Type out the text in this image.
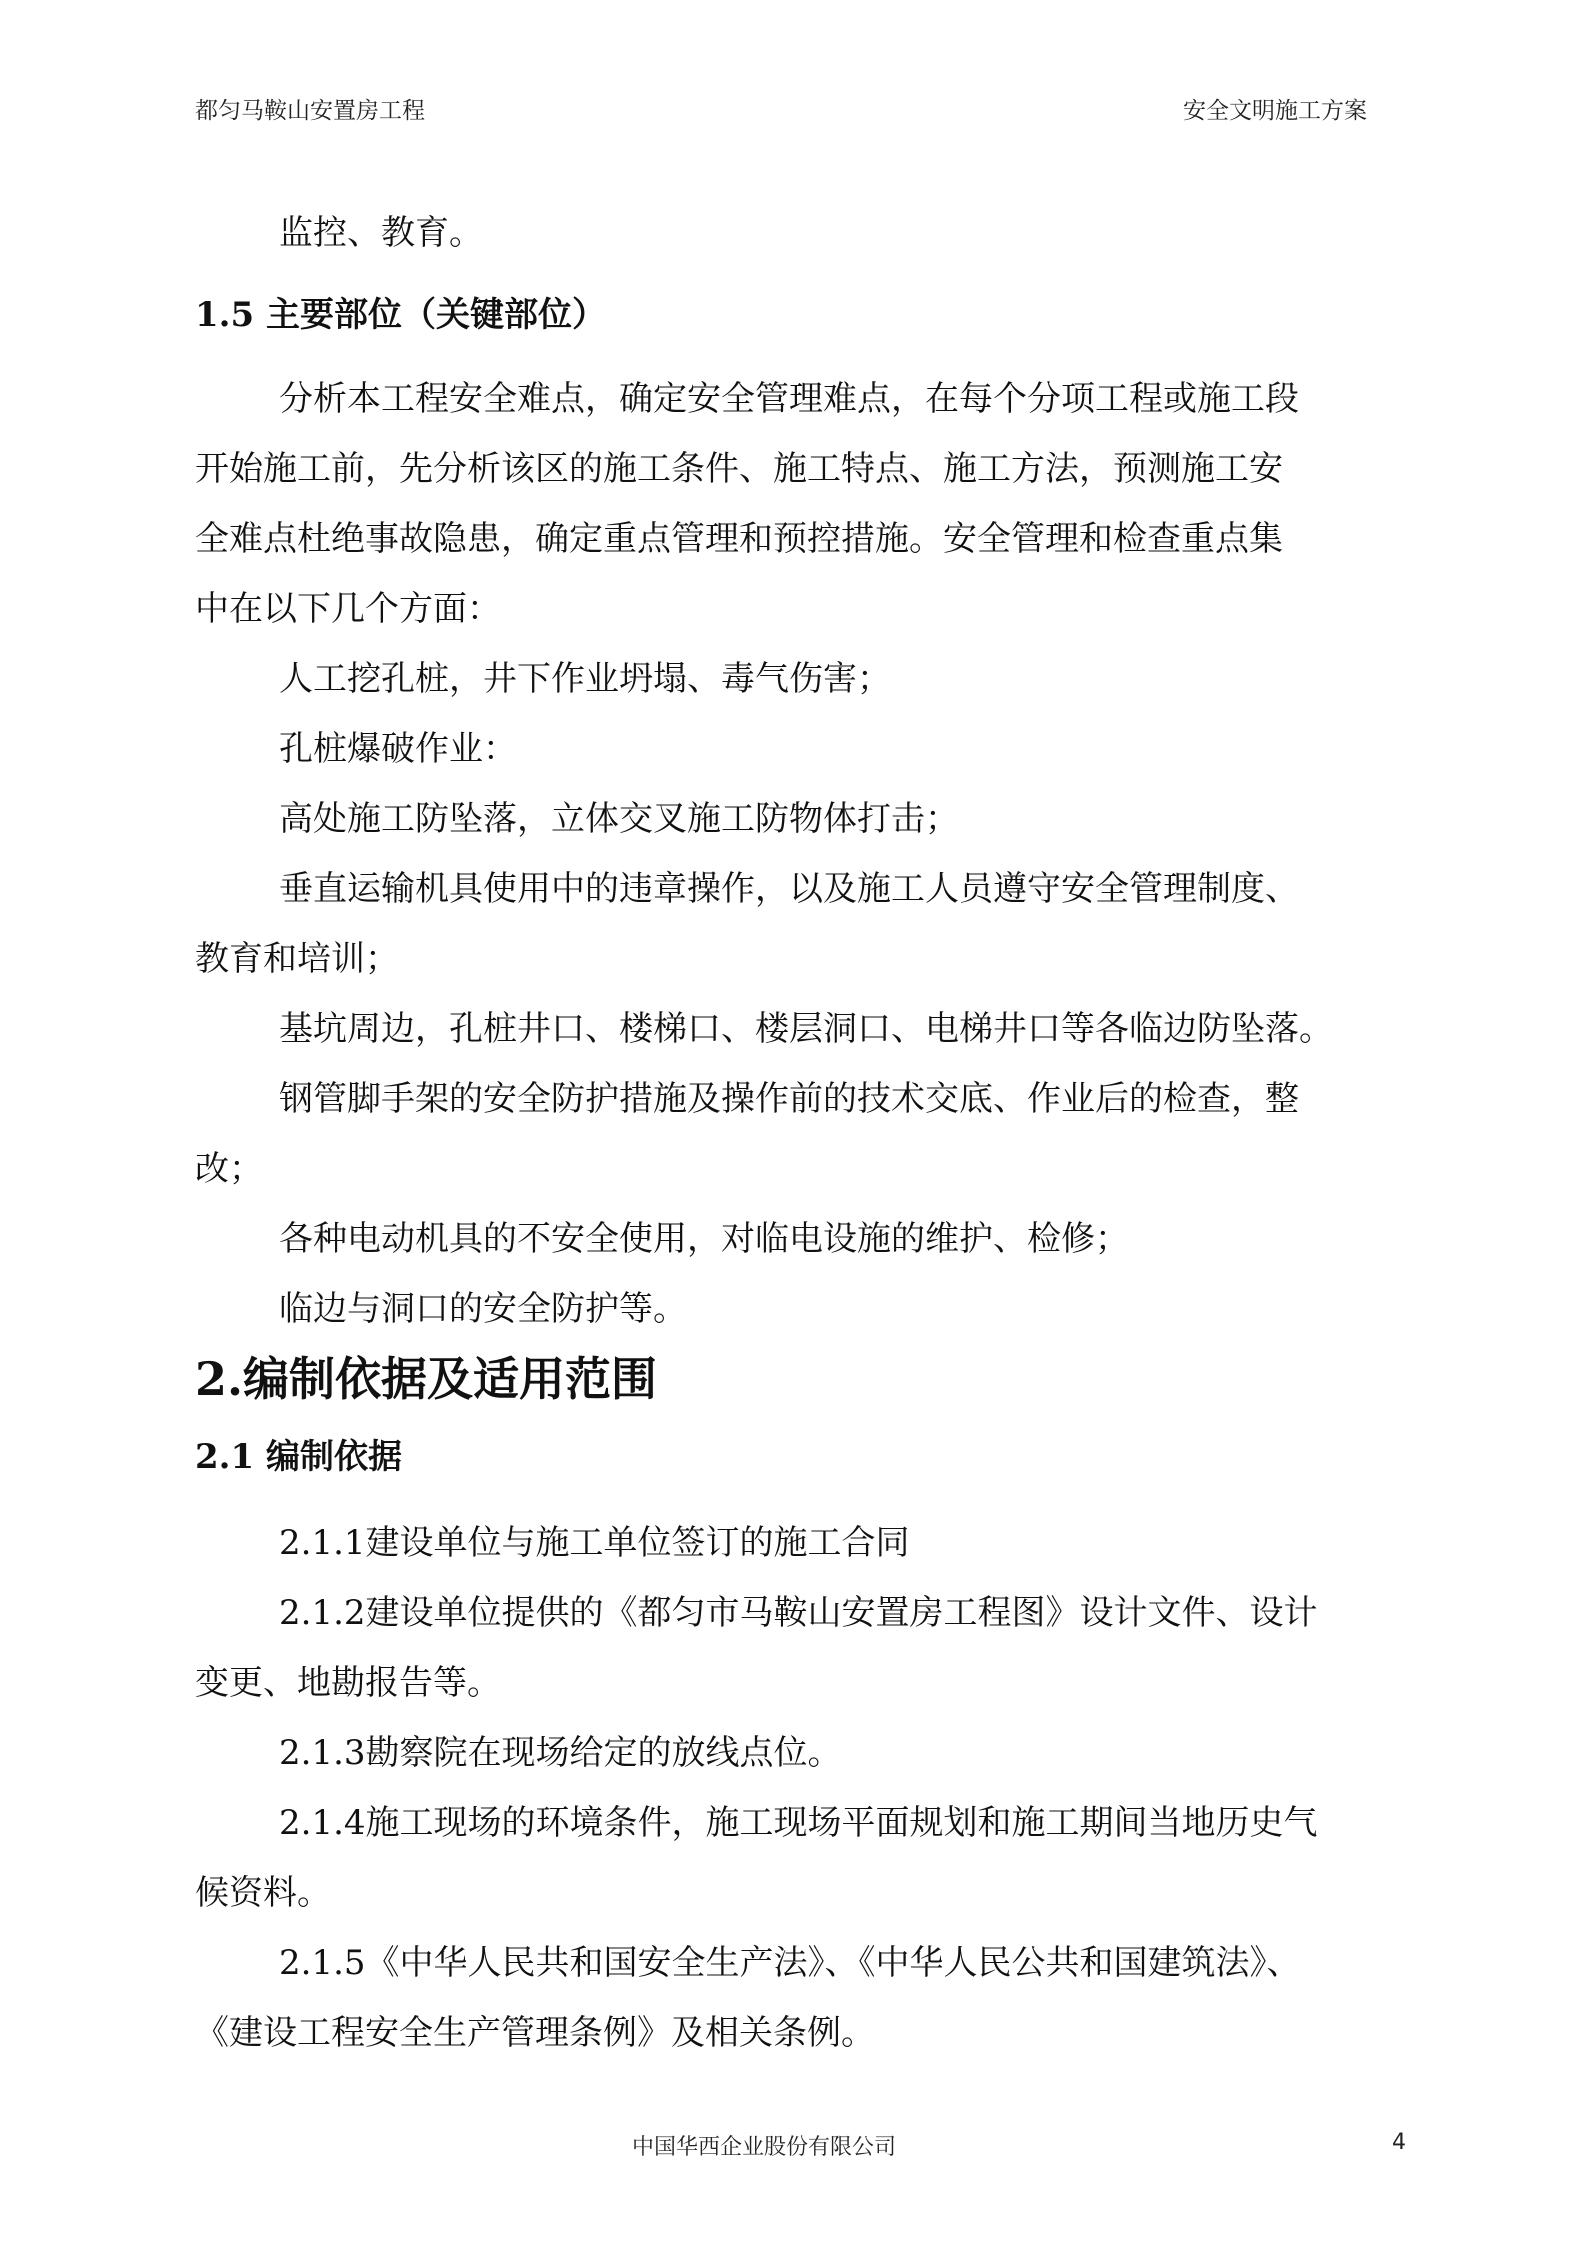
都匀马鞍山安置房工程	安全文明施工方案
监控、教育。
1.5 主要部位（关键部位）
分析本工程安全难点，确定安全管理难点，在每个分项工程或施工段
开始施工前，先分析该区的施工条件、施工特点、施工方法，预测施工安
全难点杜绝事故隐患，确定重点管理和预控措施。安全管理和检查重点集
中在以下几个方面：
人工挖孔桩，井下作业坍塌、毒气伤害；
孔桩爆破作业：
高处施工防坠落，立体交叉施工防物体打击；
垂直运输机具使用中的违章操作，以及施工人员遵守安全管理制度、
教育和培训；
基坑周边，孔桩井口、楼梯口、楼层洞口、电梯井口等各临边防坠落。
钢管脚手架的安全防护措施及操作前的技术交底、作业后的检查，整
改；
各种电动机具的不安全使用，对临电设施的维护、检修；
临边与洞口的安全防护等。
2.编制依据及适用范围
2.1 编制依据
2.1.1建设单位与施工单位签订的施工合同
2.1.2建设单位提供的《都匀市马鞍山安置房工程图》设计文件、设计
变更、地勘报告等。
2.1.3勘察院在现场给定的放线点位。
2.1.4施工现场的环境条件，施工现场平面规划和施工期间当地历史气
候资料。
2.1.5《中华人民共和国安全生产法》、《中华人民公共和国建筑法》、
《建设工程安全生产管理条例》及相关条例。
中国华西企业股份有限公司	4
